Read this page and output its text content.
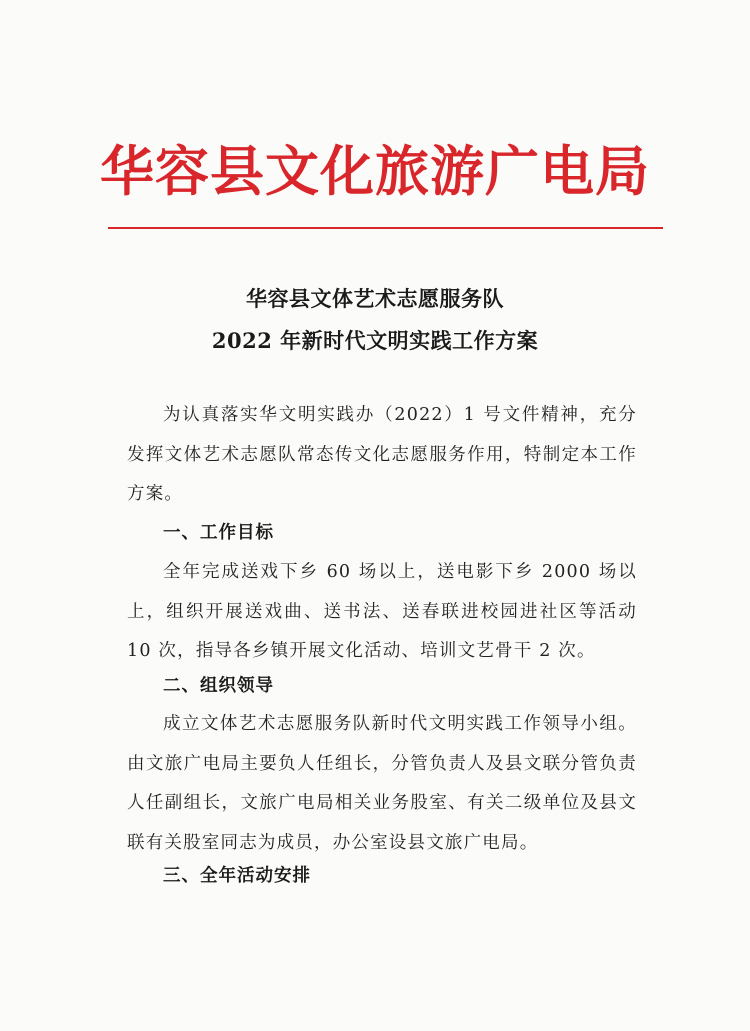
华容县文化旅游广电局
华容县文体艺术志愿服务队
2022 年新时代文明实践工作方案
为认真落实华文明实践办（2022）1 号文件精神，充分发挥文体艺术志愿队常态传文化志愿服务作用，特制定本工作方案。
一、工作目标
全年完成送戏下乡 60 场以上，送电影下乡 2000 场以上，组织开展送戏曲、送书法、送春联进校园进社区等活动 10 次，指导各乡镇开展文化活动、培训文艺骨干 2 次。
二、组织领导
成立文体艺术志愿服务队新时代文明实践工作领导小组。由文旅广电局主要负人任组长，分管负责人及县文联分管负责人任副组长，文旅广电局相关业务股室、有关二级单位及县文联有关股室同志为成员，办公室设县文旅广电局。
三、全年活动安排
